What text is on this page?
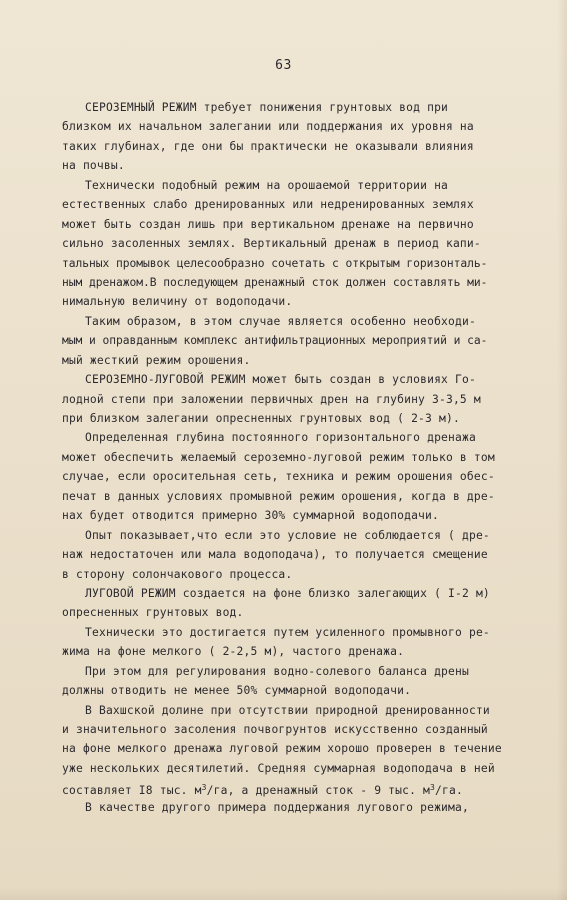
63
СЕРОЗЕМНЫЙ РЕЖИМ требует понижения грунтовых вод при
близком их начальном залегании или поддержания их уровня на
таких глубинах, где они бы практически не оказывали влияния
на почвы.
Технически подобный режим на орошаемой территории на
естественных слабо дренированных или недренированных землях
может быть создан лишь при вертикальном дренаже на первично
сильно засоленных землях. Вертикальный дренаж в период капи-
тальных промывок целесообразно сочетать с открытым горизонталь-
ным дренажом.В последующем дренажный сток должен составлять ми-
нимальную величину от водоподачи.
Таким образом, в этом случае является особенно необходи-
мым и оправданным комплекс антифильтрационных мероприятий и са-
мый жесткий режим орошения.
СЕРОЗЕМНО-ЛУГОВОЙ РЕЖИМ может быть создан в условиях Го-
лодной степи при заложении первичных дрен на глубину 3-3,5 м
при близком залегании опресненных грунтовых вод ( 2-3 м).
Определенная глубина постоянного горизонтального дренажа
может обеспечить желаемый сероземно-луговой режим только в том
случае, если оросительная сеть, техника и режим орошения обес-
печат в данных условиях промывной режим орошения, когда в дре-
нах будет отводится примерно 30% суммарной водоподачи.
Опыт показывает,что если это условие не соблюдается ( дре-
наж недостаточен или мала водоподача), то получается смещение
в сторону солончакового процесса.
ЛУГОВОЙ РЕЖИМ создается на фоне близко залегающих ( I-2 м)
опресненных грунтовых вод.
Технически это достигается путем усиленного промывного ре-
жима на фоне мелкого ( 2-2,5 м), частого дренажа.
При этом для регулирования водно-солевого баланса дрены
должны отводить не менее 50% суммарной водоподачи.
В Вахшской долине при отсутствии природной дренированности
и значительного засоления почвогрунтов искусственно созданный
на фоне мелкого дренажа луговой режим хорошо проверен в течение
уже нескольких десятилетий. Средняя суммарная водоподача в ней
составляет I8 тыс. $м^3/га$, а дренажный сток - 9 тыс. $м^3/га$.
В качестве другого примера поддержания лугового режима,
